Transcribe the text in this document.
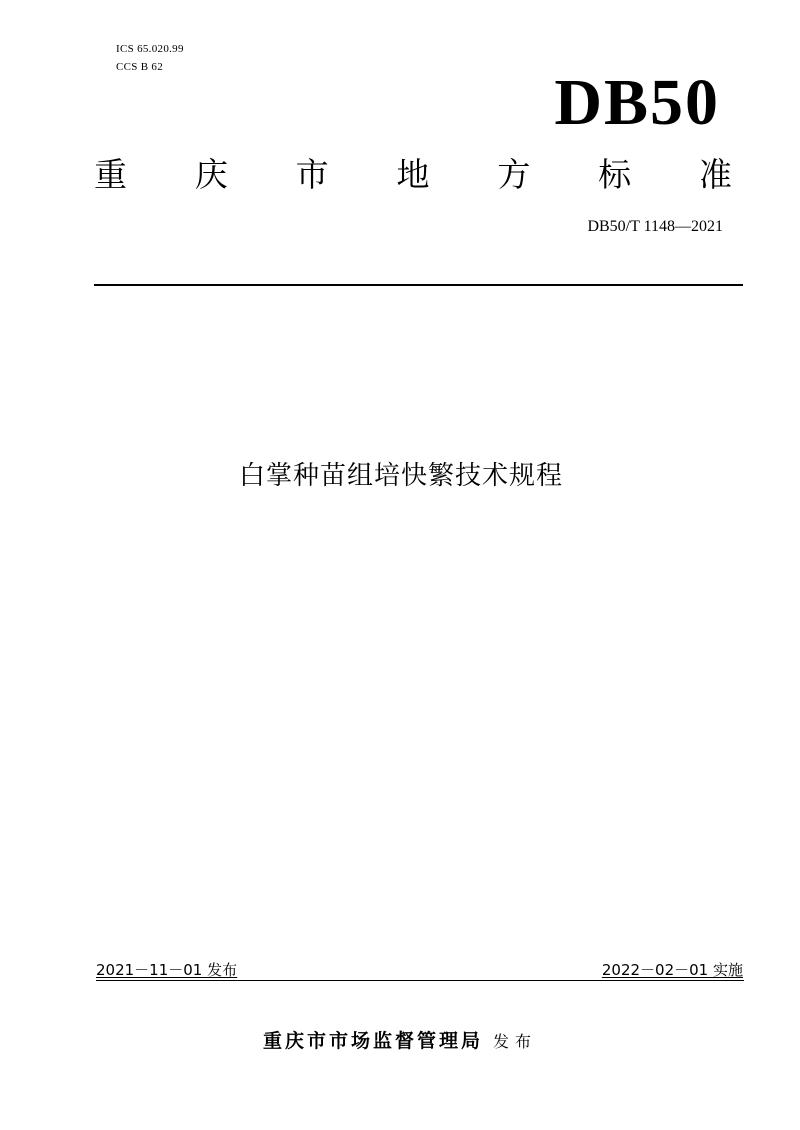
ICS 65.020.99
CCS B 62	DB50
重 庆 市 地 方 标 准
DB50/T 1148—2021
白掌种苗组培快繁技术规程
2021－11－01 发布	2022－02－01 实施
重庆市市场监督管理局 发布
